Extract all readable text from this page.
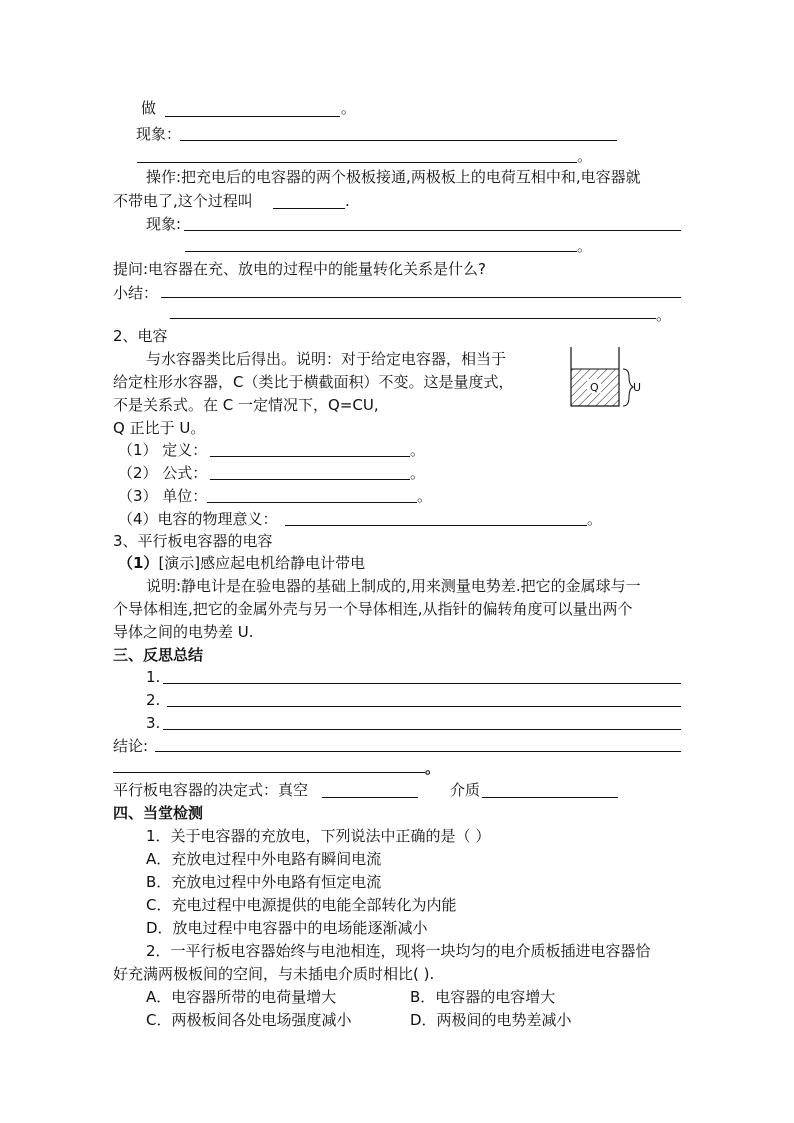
做	。
现象：
。
操作:把充电后的电容器的两个极板接通,两极板上的电荷互相中和,电容器就
不带电了,这个过程叫	.
现象:
。
提问:电容器在充、放电的过程中的能量转化关系是什么?
小结：
。
2、电容
与水容器类比后得出。说明：对于给定电容器，相当于
给定柱形水容器，C（类比于横截面积）不变。这是量度式，
不是关系式。在 C 一定情况下，Q=CU,
Q 正比于 U。
Q	U
（1） 定义：	。
（2） 公式：	。
（3） 单位：	。
（4）电容的物理意义：	。
3、平行板电容器的电容
（1）[演示]感应起电机给静电计带电
说明:静电计是在验电器的基础上制成的,用来测量电势差.把它的金属球与一
个导体相连,把它的金属外壳与另一个导体相连,从指针的偏转角度可以量出两个
导体之间的电势差 U.
三、反思总结
1.
2.
3.
结论:
。
平行板电容器的决定式：真空	介质
四、当堂检测
1．关于电容器的充放电，下列说法中正确的是（ ）
A．充放电过程中外电路有瞬间电流
B．充放电过程中外电路有恒定电流
C．充电过程中电源提供的电能全部转化为内能
D．放电过程中电容器中的电场能逐渐减小
2．一平行板电容器始终与电池相连，现将一块均匀的电介质板插进电容器恰
好充满两极板间的空间，与未插电介质时相比( ).
A．电容器所带的电荷量增大	B．电容器的电容增大
C．两极板间各处电场强度减小	D．两极间的电势差减小
